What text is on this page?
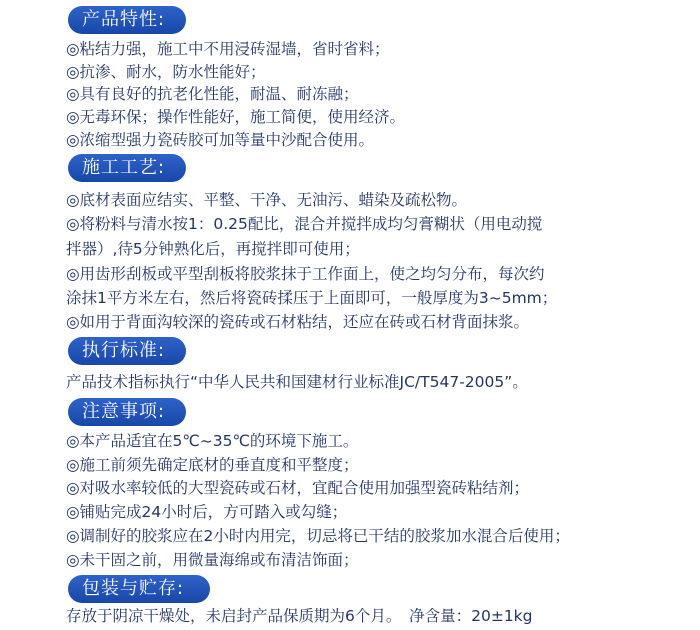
产品特性:
◎粘结力强，施工中不用浸砖湿墙，省时省料；
◎抗渗、耐水，防水性能好；
◎具有良好的抗老化性能，耐温、耐冻融；
◎无毒环保；操作性能好，施工简便，使用经济。
◎浓缩型强力瓷砖胶可加等量中沙配合使用。
施工工艺:
◎底材表面应结实、平整、干净、无油污、蜡染及疏松物。
◎将粉料与清水按1：0.25配比，混合并搅拌成均匀膏糊状（用电动搅
拌器）,待5分钟熟化后，再搅拌即可使用；
◎用齿形刮板或平型刮板将胶浆抹于工作面上，使之均匀分布，每次约
涂抹1平方米左右，然后将瓷砖揉压于上面即可，一般厚度为3~5mm；
◎如用于背面沟较深的瓷砖或石材粘结，还应在砖或石材背面抹浆。
执行标准:
产品技术指标执行“中华人民共和国建材行业标准JC/T547-2005”。
注意事项:
◎本产品适宜在5℃~35℃的环境下施工。
◎施工前须先确定底材的垂直度和平整度；
◎对吸水率较低的大型瓷砖或石材，宜配合使用加强型瓷砖粘结剂；
◎铺贴完成24小时后，方可踏入或勾缝；
◎调制好的胶浆应在2小时内用完，切忌将已干结的胶浆加水混合后使用；
◎未干固之前，用微量海绵或布清洁饰面；
包装与贮存:
存放于阴凉干燥处，未启封产品保质期为6个月。　净含量：20±1kg
